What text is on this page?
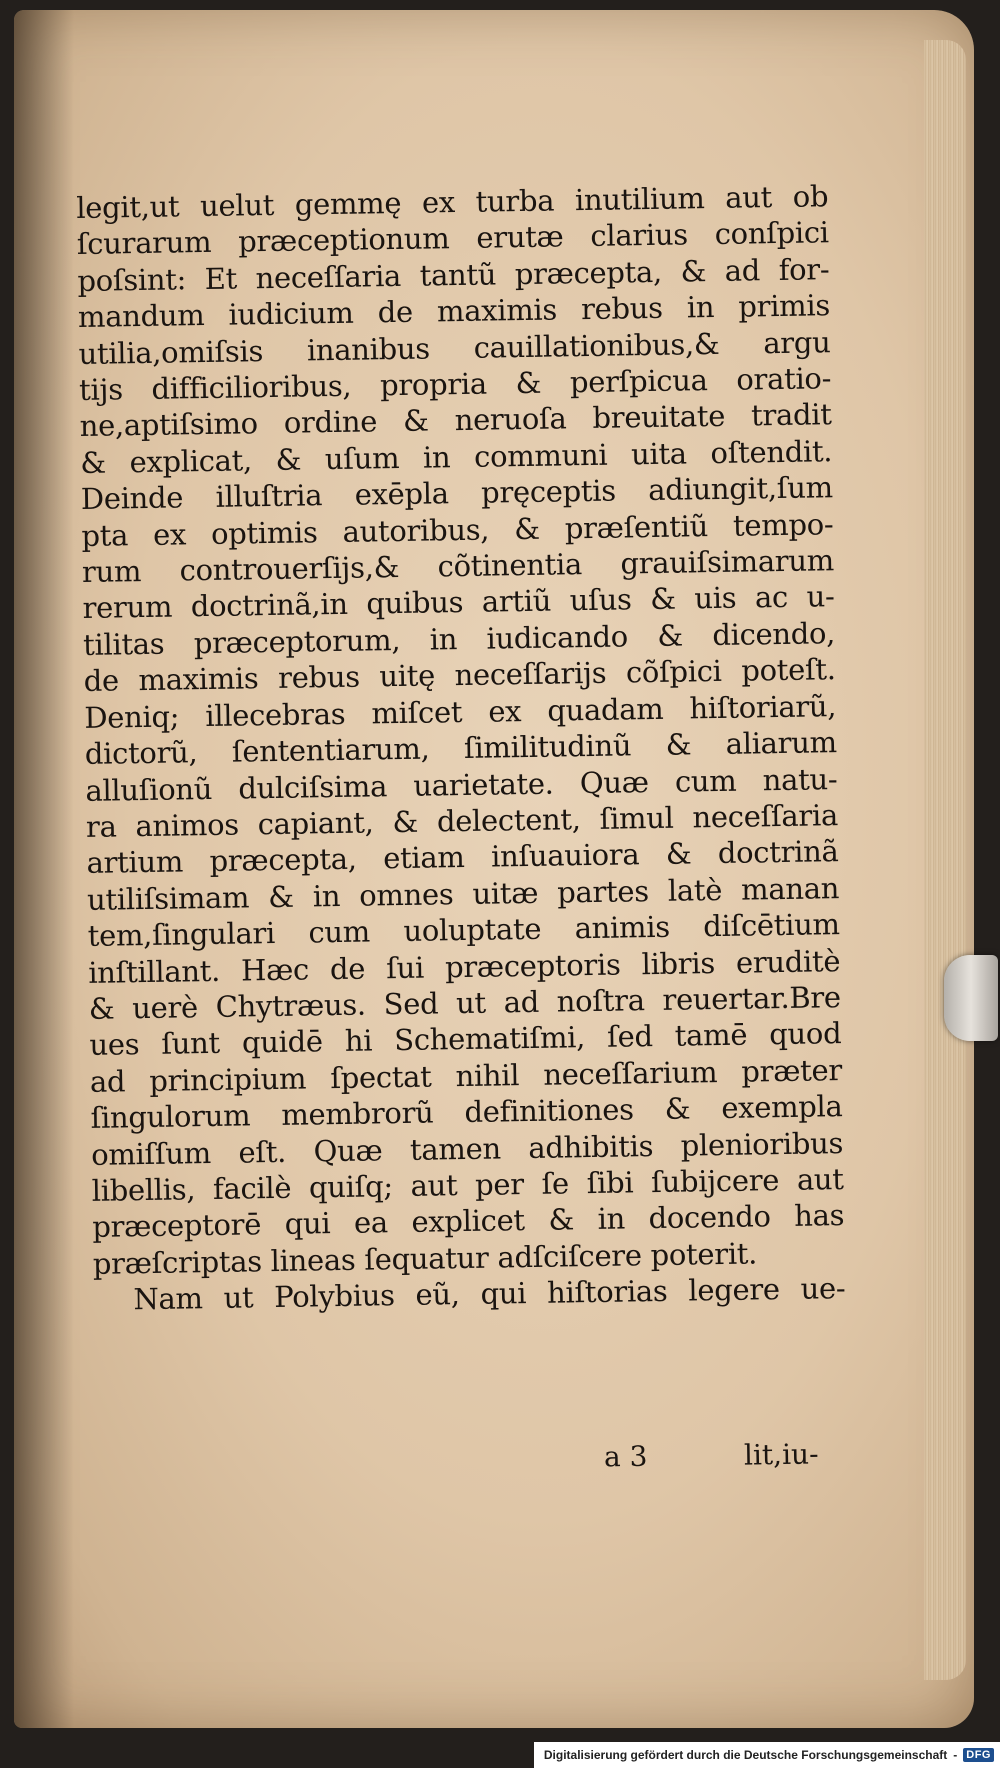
legit,ut uelut gemmę ex turba inutilium aut ob
ſcurarum præceptionum erutæ clarius conſpici
poſsint: Et neceſſaria tantũ præcepta, & ad for-
mandum iudicium de maximis rebus in primis
utilia,omiſsis inanibus cauillationibus,& argu
tijs difficilioribus, propria & perſpicua oratio-
ne,aptiſsimo ordine & neruoſa breuitate tradit
& explicat, & uſum in communi uita oſtendit.
Deinde illuſtria exēpla pręceptis adiungit,ſum
pta ex optimis autoribus, & præſentiũ tempo-
rum controuerſijs,& cõtinentia grauiſsimarum
rerum doctrinã,in quibus artiũ uſus & uis ac u-
tilitas præceptorum, in iudicando & dicendo,
de maximis rebus uitę neceſſarijs cõſpici poteſt.
Deniq; illecebras miſcet ex quadam hiſtoriarũ,
dictorũ, ſententiarum, ſimilitudinũ & aliarum
alluſionũ dulciſsima uarietate. Quæ cum natu-
ra animos capiant, & delectent, ſimul neceſſaria
artium præcepta, etiam inſuauiora & doctrinã
utiliſsimam & in omnes uitæ partes latè manan
tem,ſingulari cum uoluptate animis diſcētium
inſtillant. Hæc de ſui præceptoris libris eruditè
& uerè Chytræus. Sed ut ad noſtra reuertar.Bre
ues ſunt quidē hi Schematiſmi, ſed tamē quod
ad principium ſpectat nihil neceſſarium præter
ſingulorum membrorũ definitiones & exempla
omiſſum eſt. Quæ tamen adhibitis plenioribus
libellis, facilè quiſq; aut per ſe ſibi ſubijcere aut
præceptorē qui ea explicet & in docendo has
præſcriptas lineas ſequatur adſciſcere poterit.
Nam ut Polybius eũ, qui hiſtorias legere ue-
a 3	lit,iu-
Digitalisierung gefördert durch die Deutsche Forschungsgemeinschaft - DFG
